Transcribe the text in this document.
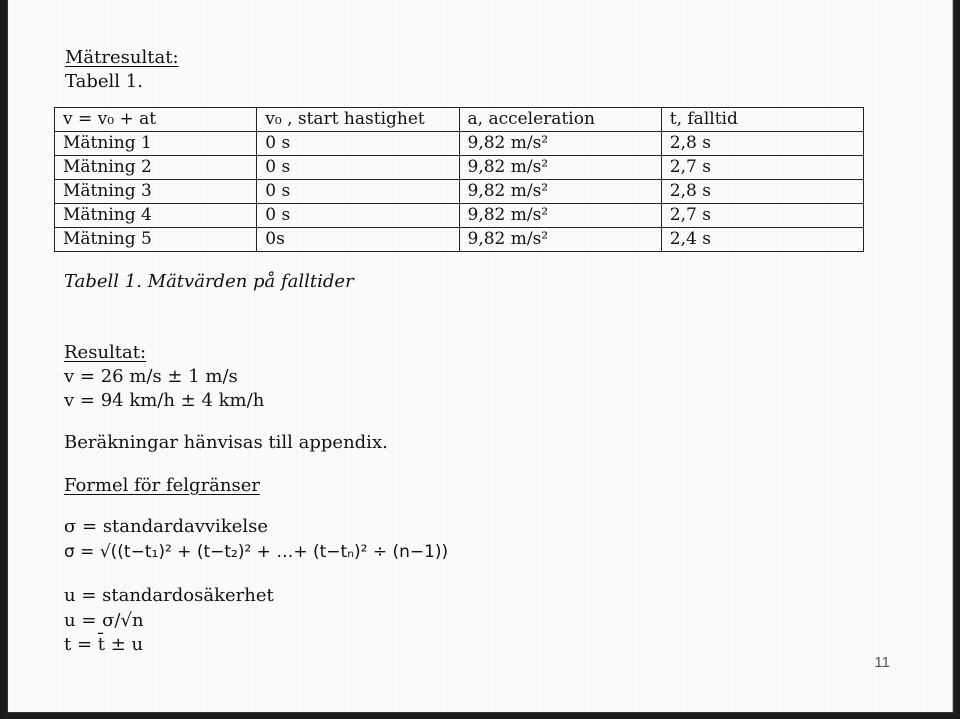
Mätresultat:
Tabell 1.
v = v₀ + at	v₀ , start hastighet	a, acceleration	t, falltid
Mätning 1	0 s	9,82 m/s²	2,8 s
Mätning 2	0 s	9,82 m/s²	2,7 s
Mätning 3	0 s	9,82 m/s²	2,8 s
Mätning 4	0 s	9,82 m/s²	2,7 s
Mätning 5	0s	9,82 m/s²	2,4 s
Tabell 1. Mätvärden på falltider
Resultat:
v = 26 m/s ± 1 m/s
v = 94 km/h ± 4 km/h
Beräkningar hänvisas till appendix.
Formel för felgränser
σ = standardavvikelse
σ = √((t−t₁)² + (t−t₂)² + …+ (t−tₙ)² ÷ (n−1))
u = standardosäkerhet
u = σ/√n
t = t̄ ± u
11
